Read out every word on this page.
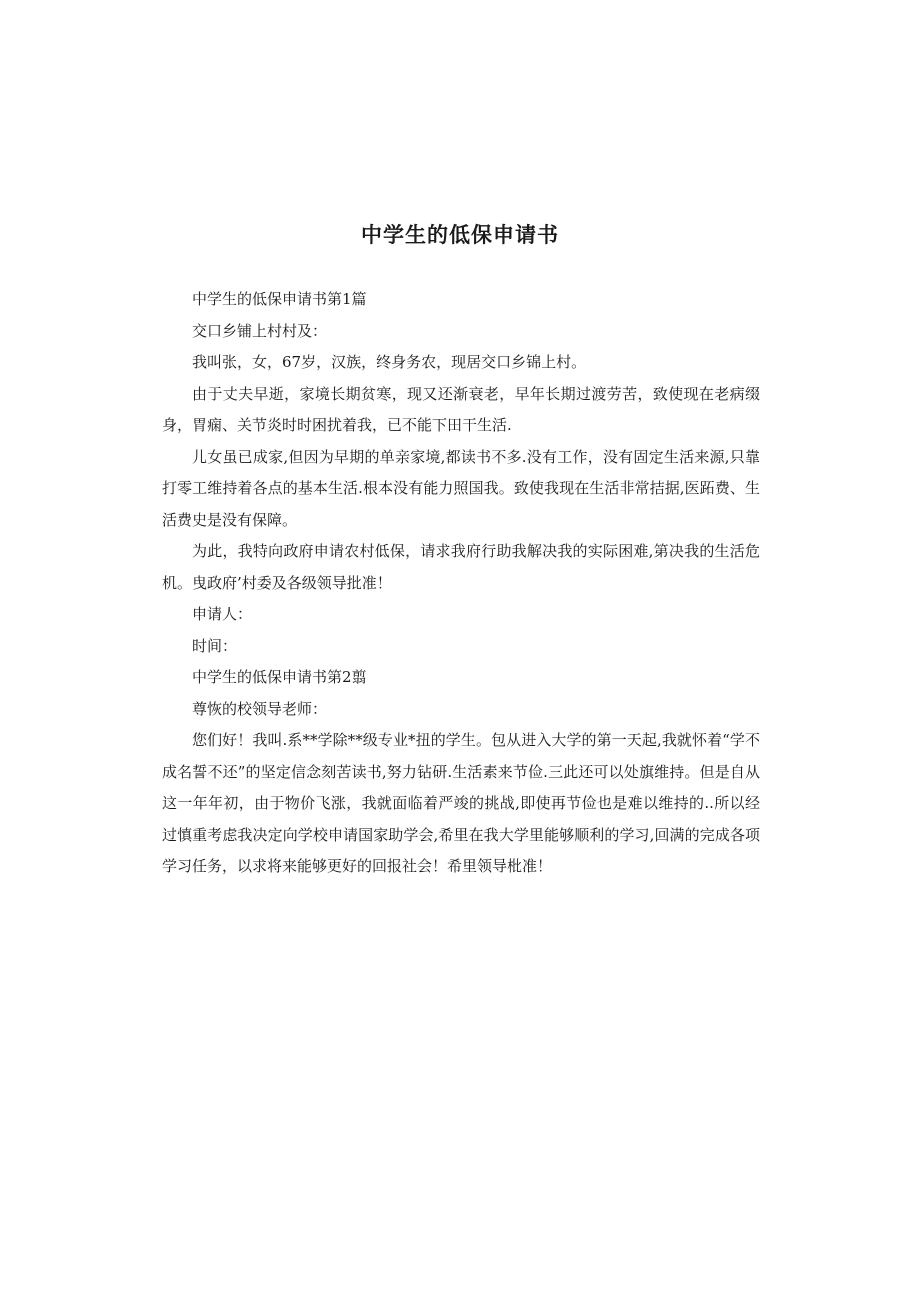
中学生的低保申请书

中学生的低保申请书第1篇

交口乡铺上村村及：

我叫张，女，67岁，汉族，终身务农，现居交口乡锦上村。

由于丈夫早逝，家境长期贫寒，现又还渐衰老，早年长期过渡劳苦，致使现在老病缀身，胃痫、关节炎时时困扰着我，已不能下田干生活.

儿女虽已成家,但因为早期的单亲家境,都读书不多.没有工作，没有固定生活来源,只靠打零工维持着各点的基本生活.根本没有能力照国我。致使我现在生活非常拮据,医跖费、生活费史是没有保障。

为此，我特向政府申请农村低保，请求我府行助我解决我的实际困难,第决我的生活危机。曳政府’村委及各级领导批准！

申请人：

时间：

中学生的低保申请书第2翦

尊恢的校领导老师：

您们好！我叫.系**学除**级专业*扭的学生。包从进入大学的第一天起,我就怀着“学不成名誓不还”的坚定信念刻苦读书,努力钻研.生活素来节俭.三此还可以处旗维持。但是自从这一年年初，由于物价飞涨，我就面临着严竣的挑战,即使再节俭也是难以维持的..所以经过慎重考虑我决定向学校申请国家助学会,希里在我大学里能够顺利的学习,回满的完成各项学习任务，以求将来能够更好的回报社会！希里领导枇准！
